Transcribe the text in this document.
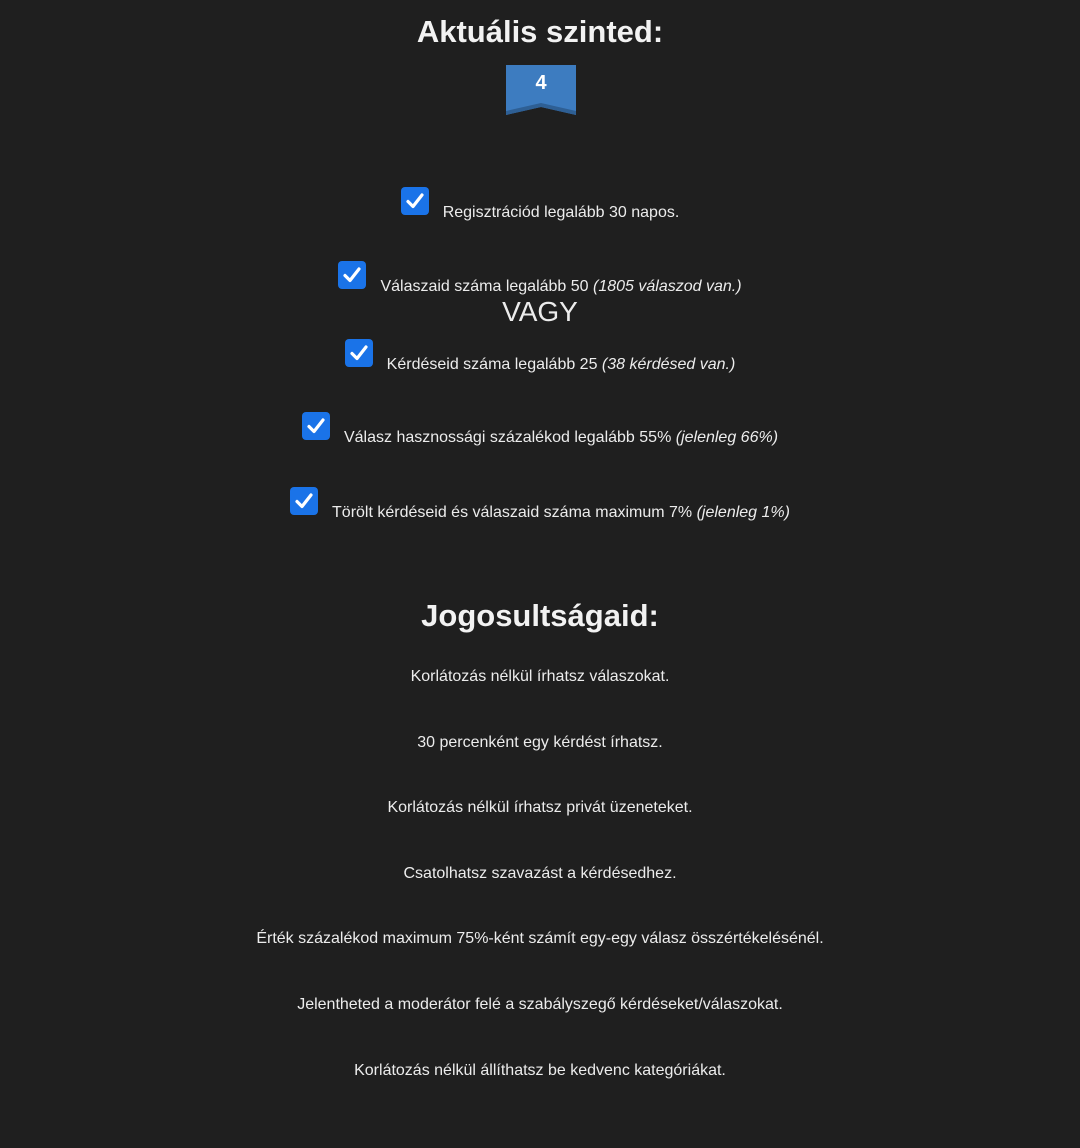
Aktuális szinted:
4
Regisztrációd legalább 30 napos.
Válaszaid száma legalább 50 (1805 válaszod van.)
VAGY
Kérdéseid száma legalább 25 (38 kérdésed van.)
Válasz hasznossági százalékod legalább 55% (jelenleg 66%)
Törölt kérdéseid és válaszaid száma maximum 7% (jelenleg 1%)
Jogosultságaid:
Korlátozás nélkül írhatsz válaszokat.
30 percenként egy kérdést írhatsz.
Korlátozás nélkül írhatsz privát üzeneteket.
Csatolhatsz szavazást a kérdésedhez.
Érték százalékod maximum 75%-ként számít egy-egy válasz összértékelésénél.
Jelentheted a moderátor felé a szabályszegő kérdéseket/válaszokat.
Korlátozás nélkül állíthatsz be kedvenc kategóriákat.
